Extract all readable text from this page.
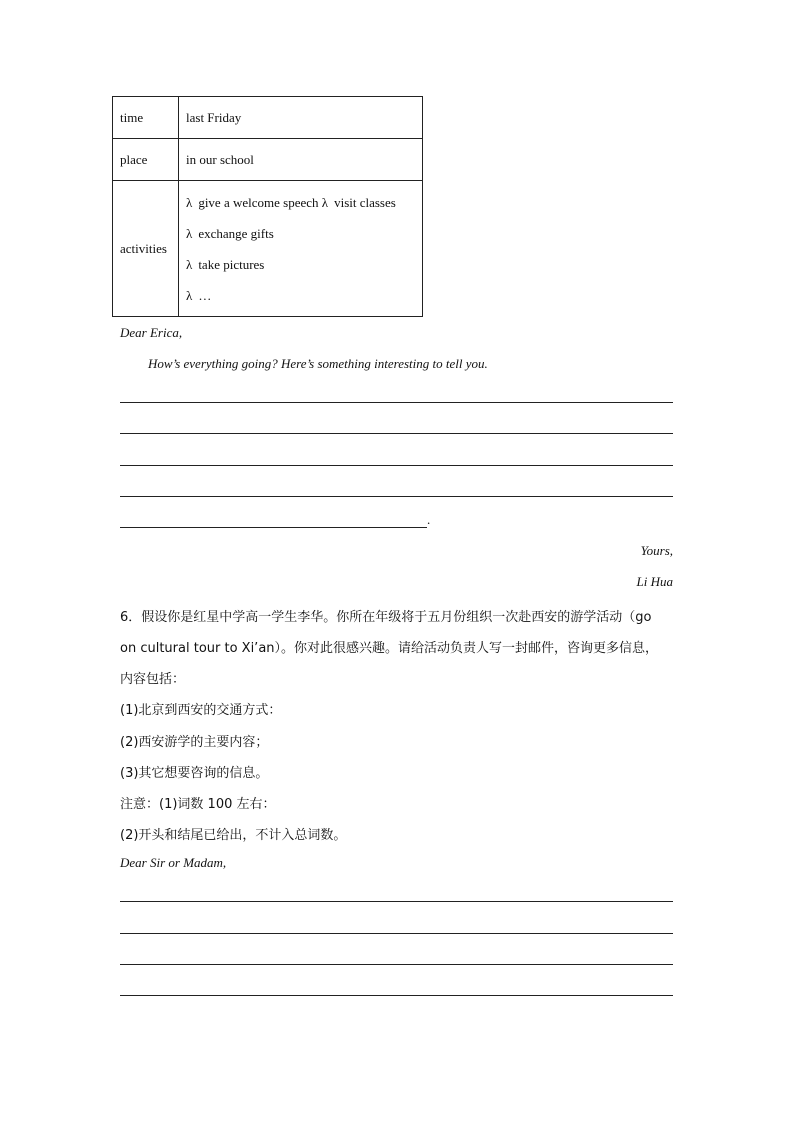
time	last Friday
place	in our school
activities	λ give a welcome speech λ visit classes
λ exchange gifts
λ take pictures
λ …
Dear Erica,
How’s everything going? Here’s something interesting to tell you.
.
Yours,
Li Hua
6．假设你是红星中学高一学生李华。你所在年级将于五月份组织一次赴西安的游学活动（go
on cultural tour to Xi’an）。你对此很感兴趣。请给活动负责人写一封邮件，咨询更多信息，
内容包括：
(1)北京到西安的交通方式：
(2)西安游学的主要内容；
(3)其它想要咨询的信息。
注意：(1)词数 100 左右：
(2)开头和结尾已给出，不计入总词数。
Dear Sir or Madam,
